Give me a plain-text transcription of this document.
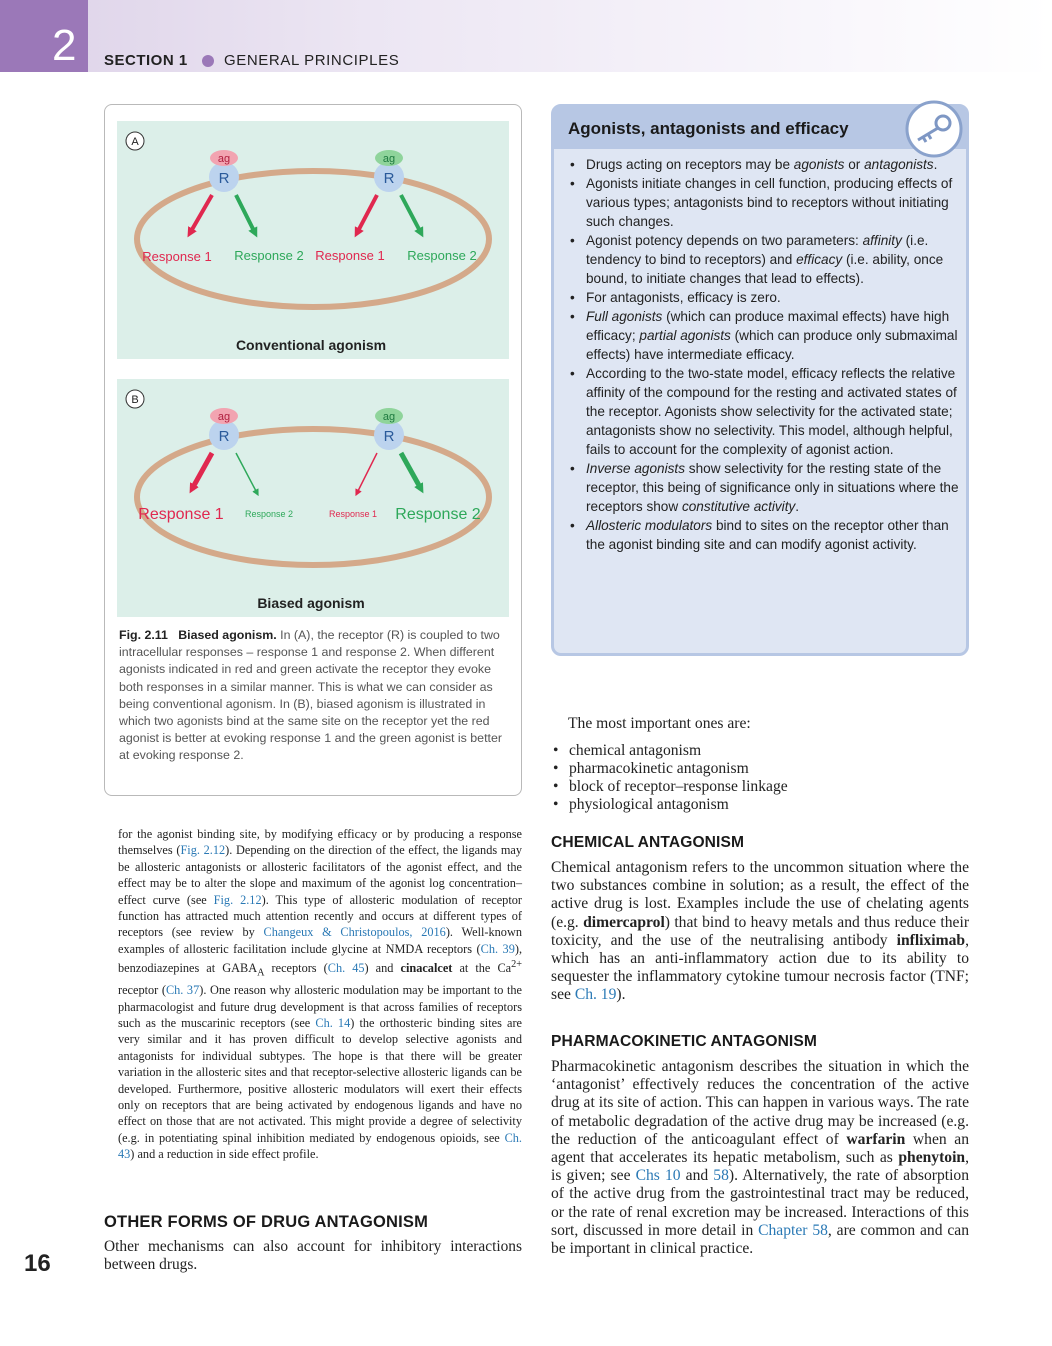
2 SECTION 1 GENERAL PRINCIPLES
A
ag
R
ag
R
Response 1 Response 2 Response 1 Response 2
Conventional agonism
B
ag
R
ag
R
Response 1 Response 2	Response 1 Response 2
Biased agonism

Fig. 2.11 Biased agonism. In (A), the receptor (R) is coupled to two intracellular responses – response 1 and response 2. When different agonists indicated in red and green activate the receptor they evoke both responses in a similar manner. This is what we can consider as being conventional agonism. In (B), biased agonism is illustrated in which two agonists bind at the same site on the receptor yet the red agonist is better at evoking response 1 and the green agonist is better at evoking response 2.

Agonists, antagonists and efficacy
• Drugs acting on receptors may be agonists or antagonists.
• Agonists initiate changes in cell function, producing effects of various types; antagonists bind to receptors without initiating such changes.
• Agonist potency depends on two parameters: affinity (i.e. tendency to bind to receptors) and efficacy (i.e. ability, once bound, to initiate changes that lead to effects).
• For antagonists, efficacy is zero.
• Full agonists (which can produce maximal effects) have high efficacy; partial agonists (which can produce only submaximal effects) have intermediate efficacy.
• According to the two-state model, efficacy reflects the relative affinity of the compound for the resting and activated states of the receptor. Agonists show selectivity for the activated state; antagonists show no selectivity. This model, although helpful, fails to account for the complexity of agonist action.
• Inverse agonists show selectivity for the resting state of the receptor, this being of significance only in situations where the receptors show constitutive activity.
• Allosteric modulators bind to sites on the receptor other than the agonist binding site and can modify agonist activity.

for the agonist binding site, by modifying efficacy or by producing a response themselves (Fig. 2.12). Depending on the direction of the effect, the ligands may be allosteric antagonists or allosteric facilitators of the agonist effect, and the effect may be to alter the slope and maximum of the agonist log concentration–effect curve (see Fig. 2.12). This type of allosteric modulation of receptor function has attracted much attention recently and occurs at different types of receptors (see review by Changeux & Christopoulos, 2016). Well-known examples of allosteric facilitation include glycine at NMDA receptors (Ch. 39), benzodiazepines at $GABA_A$ receptors (Ch. 45) and cinacalcet at the $Ca^{2+}$ receptor (Ch. 37). One reason why allosteric modulation may be important to the pharmacologist and future drug development is that across families of receptors such as the muscarinic receptors (see Ch. 14) the orthosteric binding sites are very similar and it has proven difficult to develop selective agonists and antagonists for individual subtypes. The hope is that there will be greater variation in the allosteric sites and that receptor-selective allosteric ligands can be developed. Furthermore, positive allosteric modulators will exert their effects only on receptors that are being activated by endogenous ligands and have no effect on those that are not activated. This might provide a degree of selectivity (e.g. in potentiating spinal inhibition mediated by endogenous opioids, see Ch. 43) and a reduction in side effect profile.

OTHER FORMS OF DRUG ANTAGONISM

Other mechanisms can also account for inhibitory interactions between drugs.

16

The most important ones are:

• chemical antagonism
• pharmacokinetic antagonism
• block of receptor–response linkage
• physiological antagonism
CHEMICAL ANTAGONISM

Chemical antagonism refers to the uncommon situation where the two substances combine in solution; as a result, the effect of the active drug is lost. Examples include the use of chelating agents (e.g. dimercaprol) that bind to heavy metals and thus reduce their toxicity, and the use of the neutralising antibody infliximab, which has an anti-inflammatory action due to its ability to sequester the inflammatory cytokine tumour necrosis factor (TNF; see Ch. 19).

PHARMACOKINETIC ANTAGONISM

Pharmacokinetic antagonism describes the situation in which the ‘antagonist’ effectively reduces the concentration of the active drug at its site of action. This can happen in various ways. The rate of metabolic degradation of the active drug may be increased (e.g. the reduction of the anticoagulant effect of warfarin when an agent that accelerates its hepatic metabolism, such as phenytoin, is given; see Chs 10 and 58). Alternatively, the rate of absorption of the active drug from the gastrointestinal tract may be reduced, or the rate of renal excretion may be increased. Interactions of this sort, discussed in more detail in Chapter 58, are common and can be important in clinical practice.
